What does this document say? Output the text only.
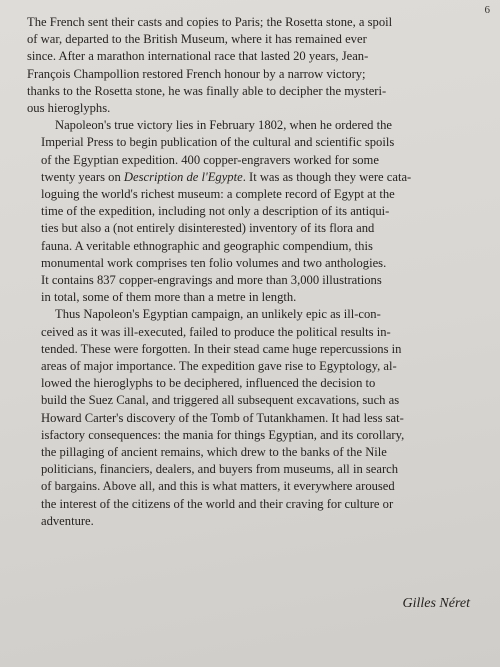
6

The French sent their casts and copies to Paris; the Rosetta stone, a spoil
of war, departed to the British Museum, where it has remained ever
since. After a marathon international race that lasted 20 years, Jean-
François Champollion restored French honour by a narrow victory;
thanks to the Rosetta stone, he was finally able to decipher the mysteri-
ous hieroglyphs.

Napoleon's true victory lies in February 1802, when he ordered the
Imperial Press to begin publication of the cultural and scientific spoils
of the Egyptian expedition. 400 copper-engravers worked for some
twenty years on Description de l'Egypte. It was as though they were cata-
loguing the world's richest museum: a complete record of Egypt at the
time of the expedition, including not only a description of its antiqui-
ties but also a (not entirely disinterested) inventory of its flora and
fauna. A veritable ethnographic and geographic compendium, this
monumental work comprises ten folio volumes and two anthologies.
It contains 837 copper-engravings and more than 3,000 illustrations
in total, some of them more than a metre in length.

Thus Napoleon's Egyptian campaign, an unlikely epic as ill-con-
ceived as it was ill-executed, failed to produce the political results in-
tended. These were forgotten. In their stead came huge repercussions in
areas of major importance. The expedition gave rise to Egyptology, al-
lowed the hieroglyphs to be deciphered, influenced the decision to
build the Suez Canal, and triggered all subsequent excavations, such as
Howard Carter's discovery of the Tomb of Tutankhamen. It had less sat-
isfactory consequences: the mania for things Egyptian, and its corollary,
the pillaging of ancient remains, which drew to the banks of the Nile
politicians, financiers, dealers, and buyers from museums, all in search
of bargains. Above all, and this is what matters, it everywhere aroused
the interest of the citizens of the world and their craving for culture or
adventure.

Gilles Néret
